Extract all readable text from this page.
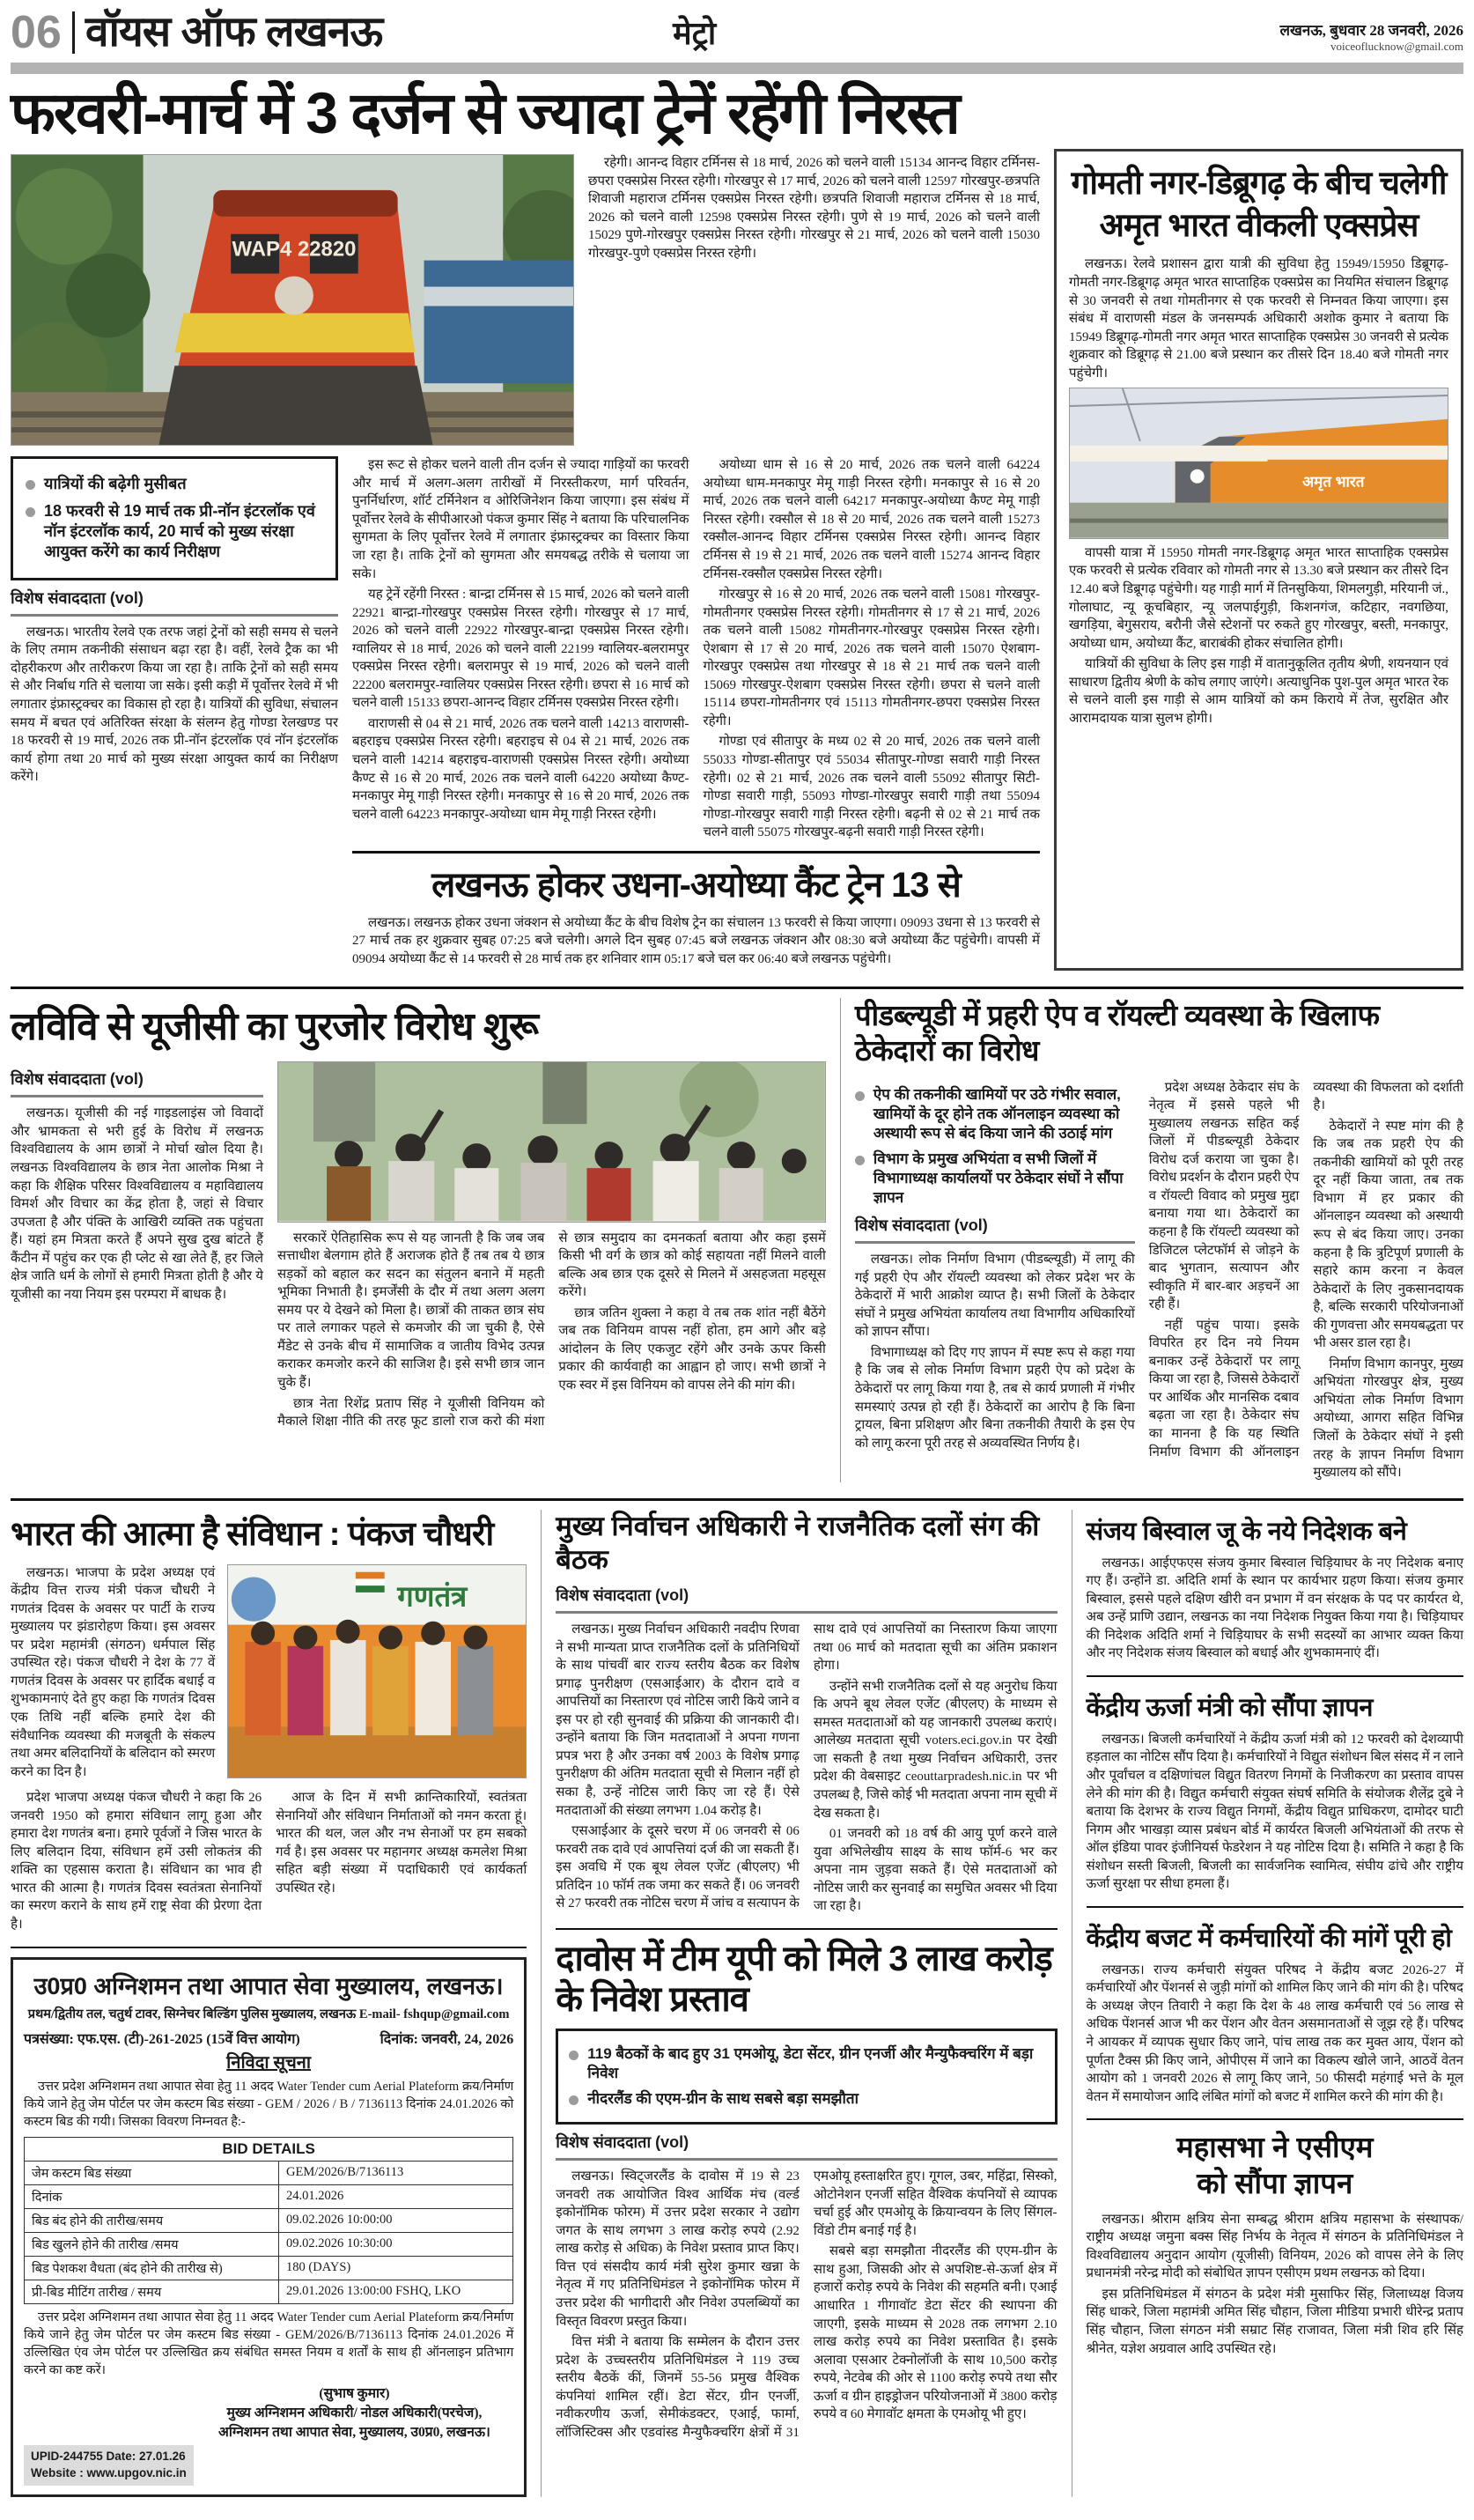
06 वॉयस ऑफ लखनऊ	मेट्रो	लखनऊ, बुधवार 28 जनवरी, 2026
voiceoflucknow@gmail.com
फरवरी-मार्च में 3 दर्जन से ज्यादा ट्रेनें रहेंगी निरस्त
WAP4 22820

रहेगी। आनन्द विहार टर्मिनस से 18 मार्च, 2026 को चलने वाली 15134 आनन्द विहार टर्मिनस-छपरा एक्सप्रेस निरस्त रहेगी। गोरखपुर से 17 मार्च, 2026 को चलने वाली 12597 गोरखपुर-छत्रपति शिवाजी महाराज टर्मिनस एक्सप्रेस निरस्त रहेगी। छत्रपति शिवाजी महाराज टर्मिनस से 18 मार्च, 2026 को चलने वाली 12598 एक्सप्रेस निरस्त रहेगी। पुणे से 19 मार्च, 2026 को चलने वाली 15029 पुणे-गोरखपुर एक्सप्रेस निरस्त रहेगी। गोरखपुर से 21 मार्च, 2026 को चलने वाली 15030 गोरखपुर-पुणे एक्सप्रेस निरस्त रहेगी।

यात्रियों की बढ़ेगी मुसीबत
18 फरवरी से 19 मार्च तक प्री-नॉन इंटरलॉक एवं नॉन इंटरलॉक कार्य, 20 मार्च को मुख्य संरक्षा आयुक्त करेंगे का कार्य निरीक्षण
विशेष संवाददाता (vol)

लखनऊ। भारतीय रेलवे एक तरफ जहां ट्रेनों को सही समय से चलने के लिए तमाम तकनीकी संसाधन बढ़ा रहा है। वहीं, रेलवे ट्रैक का भी दोहरीकरण और तारीकरण किया जा रहा है। ताकि ट्रेनों को सही समय से और निर्बाध गति से चलाया जा सके। इसी कड़ी में पूर्वोत्तर रेलवे में भी लगातार इंफ्रास्ट्रक्चर का विकास हो रहा है। यात्रियों की सुविधा, संचालन समय में बचत एवं अतिरिक्त संरक्षा के संलग्न हेतु गोण्डा रेलखण्ड पर 18 फरवरी से 19 मार्च, 2026 तक प्री-नॉन इंटरलॉक एवं नॉन इंटरलॉक कार्य होगा तथा 20 मार्च को मुख्य संरक्षा आयुक्त कार्य का निरीक्षण करेंगे।

इस रूट से होकर चलने वाली तीन दर्जन से ज्यादा गाड़ियों का फरवरी और मार्च में अलग-अलग तारीखों में निरस्तीकरण, मार्ग परिवर्तन, पुनर्निर्धारण, शॉर्ट टर्मिनेशन व ओरिजिनेशन किया जाएगा। इस संबंध में पूर्वोत्तर रेलवे के सीपीआरओ पंकज कुमार सिंह ने बताया कि परिचालनिक सुगमता के लिए पूर्वोत्तर रेलवे में लगातार इंफ्रास्ट्रक्चर का विस्तार किया जा रहा है। ताकि ट्रेनों को सुगमता और समयबद्ध तरीके से चलाया जा सके।

यह ट्रेनें रहेंगी निरस्त : बान्द्रा टर्मिनस से 15 मार्च, 2026 को चलने वाली 22921 बान्द्रा-गोरखपुर एक्सप्रेस निरस्त रहेगी। गोरखपुर से 17 मार्च, 2026 को चलने वाली 22922 गोरखपुर-बान्द्रा एक्सप्रेस निरस्त रहेगी। ग्वालियर से 18 मार्च, 2026 को चलने वाली 22199 ग्वालियर-बलरामपुर एक्सप्रेस निरस्त रहेगी। बलरामपुर से 19 मार्च, 2026 को चलने वाली 22200 बलरामपुर-ग्वालियर एक्सप्रेस निरस्त रहेगी। छपरा से 16 मार्च को चलने वाली 15133 छपरा-आनन्द विहार टर्मिनस एक्सप्रेस निरस्त रहेगी।

वाराणसी से 04 से 21 मार्च, 2026 तक चलने वाली 14213 वाराणसी-बहराइच एक्सप्रेस निरस्त रहेगी। बहराइच से 04 से 21 मार्च, 2026 तक चलने वाली 14214 बहराइच-वाराणसी एक्सप्रेस निरस्त रहेगी। अयोध्या कैण्ट से 16 से 20 मार्च, 2026 तक चलने वाली 64220 अयोध्या कैण्ट-मनकापुर मेमू गाड़ी निरस्त रहेगी। मनकापुर से 16 से 20 मार्च, 2026 तक चलने वाली 64223 मनकापुर-अयोध्या धाम मेमू गाड़ी निरस्त रहेगी।

अयोध्या धाम से 16 से 20 मार्च, 2026 तक चलने वाली 64224 अयोध्या धाम-मनकापुर मेमू गाड़ी निरस्त रहेगी। मनकापुर से 16 से 20 मार्च, 2026 तक चलने वाली 64217 मनकापुर-अयोध्या कैण्ट मेमू गाड़ी निरस्त रहेगी। रक्सौल से 18 से 20 मार्च, 2026 तक चलने वाली 15273 रक्सौल-आनन्द विहार टर्मिनस एक्सप्रेस निरस्त रहेगी। आनन्द विहार टर्मिनस से 19 से 21 मार्च, 2026 तक चलने वाली 15274 आनन्द विहार टर्मिनस-रक्सौल एक्सप्रेस निरस्त रहेगी।

गोरखपुर से 16 से 20 मार्च, 2026 तक चलने वाली 15081 गोरखपुर-गोमतीनगर एक्सप्रेस निरस्त रहेगी। गोमतीनगर से 17 से 21 मार्च, 2026 तक चलने वाली 15082 गोमतीनगर-गोरखपुर एक्सप्रेस निरस्त रहेगी। ऐशबाग से 17 से 20 मार्च, 2026 तक चलने वाली 15070 ऐशबाग-गोरखपुर एक्सप्रेस तथा गोरखपुर से 18 से 21 मार्च तक चलने वाली 15069 गोरखपुर-ऐशबाग एक्सप्रेस निरस्त रहेगी। छपरा से चलने वाली 15114 छपरा-गोमतीनगर एवं 15113 गोमतीनगर-छपरा एक्सप्रेस निरस्त रहेगी।

गोण्डा एवं सीतापुर के मध्य 02 से 20 मार्च, 2026 तक चलने वाली 55033 गोण्डा-सीतापुर एवं 55034 सीतापुर-गोण्डा सवारी गाड़ी निरस्त रहेगी। 02 से 21 मार्च, 2026 तक चलने वाली 55092 सीतापुर सिटी-गोण्डा सवारी गाड़ी, 55093 गोण्डा-गोरखपुर सवारी गाड़ी तथा 55094 गोण्डा-गोरखपुर सवारी गाड़ी निरस्त रहेगी। बढ़नी से 02 से 21 मार्च तक चलने वाली 55075 गोरखपुर-बढ़नी सवारी गाड़ी निरस्त रहेगी।

लखनऊ होकर उधना-अयोध्या कैंट ट्रेन 13 से

लखनऊ। लखनऊ होकर उधना जंक्शन से अयोध्या कैंट के बीच विशेष ट्रेन का संचालन 13 फरवरी से किया जाएगा। 09093 उधना से 13 फरवरी से 27 मार्च तक हर शुक्रवार सुबह 07:25 बजे चलेगी। अगले दिन सुबह 07:45 बजे लखनऊ जंक्शन और 08:30 बजे अयोध्या कैंट पहुंचेगी। वापसी में 09094 अयोध्या कैंट से 14 फरवरी से 28 मार्च तक हर शनिवार शाम 05:17 बजे चल कर 06:40 बजे लखनऊ पहुंचेगी।

गोमती नगर-डिब्रूगढ़ के बीच चलेगी
अमृत भारत वीकली एक्सप्रेस

लखनऊ। रेलवे प्रशासन द्वारा यात्री की सुविधा हेतु 15949/15950 डिब्रूगढ़-गोमती नगर-डिब्रूगढ़ अमृत भारत साप्ताहिक एक्सप्रेस का नियमित संचालन डिब्रूगढ़ से 30 जनवरी से तथा गोमतीनगर से एक फरवरी से निम्नवत किया जाएगा। इस संबंध में वाराणसी मंडल के जनसम्पर्क अधिकारी अशोक कुमार ने बताया कि 15949 डिब्रूगढ़-गोमती नगर अमृत भारत साप्ताहिक एक्सप्रेस 30 जनवरी से प्रत्येक शुक्रवार को डिब्रूगढ़ से 21.00 बजे प्रस्थान कर तीसरे दिन 18.40 बजे गोमती नगर पहुंचेगी।

अमृत भारत

वापसी यात्रा में 15950 गोमती नगर-डिब्रूगढ़ अमृत भारत साप्ताहिक एक्सप्रेस एक फरवरी से प्रत्येक रविवार को गोमती नगर से 13.30 बजे प्रस्थान कर तीसरे दिन 12.40 बजे डिब्रूगढ़ पहुंचेगी। यह गाड़ी मार्ग में तिनसुकिया, शिमलगुड़ी, मरियानी जं., गोलाघाट, न्यू कूचबिहार, न्यू जलपाईगुड़ी, किशनगंज, कटिहार, नवगछिया, खगड़िया, बेगुसराय, बरौनी जैसे स्टेशनों पर रुकते हुए गोरखपुर, बस्ती, मनकापुर, अयोध्या धाम, अयोध्या कैंट, बाराबंकी होकर संचालित होगी।

यात्रियों की सुविधा के लिए इस गाड़ी में वातानुकूलित तृतीय श्रेणी, शयनयान एवं साधारण द्वितीय श्रेणी के कोच लगाए जाएंगे। अत्याधुनिक पुश-पुल अमृत भारत रेक से चलने वाली इस गाड़ी से आम यात्रियों को कम किराये में तेज, सुरक्षित और आरामदायक यात्रा सुलभ होगी।

लविवि से यूजीसी का पुरजोर विरोध शुरू
विशेष संवाददाता (vol)

लखनऊ। यूजीसी की नई गाइडलाइंस जो विवादों और भ्रामकता से भरी हुई के विरोध में लखनऊ विश्वविद्यालय के आम छात्रों ने मोर्चा खोल दिया है। लखनऊ विश्वविद्यालय के छात्र नेता आलोक मिश्रा ने कहा कि शैक्षिक परिसर विश्वविद्यालय व महाविद्यालय विमर्श और विचार का केंद्र होता है, जहां से विचार उपजता है और पंक्ति के आखिरी व्यक्ति तक पहुंचता हैं। यहां हम मित्रता करते हैं अपने सुख दुख बांटते हैं कैंटीन में पहुंच कर एक ही प्लेट से खा लेते हैं, हर जिले क्षेत्र जाति धर्म के लोगों से हमारी मित्रता होती है और ये यूजीसी का नया नियम इस परम्परा में बाधक है।

सरकारें ऐतिहासिक रूप से यह जानती है कि जब जब सत्ताधीश बेलगाम होते हैं अराजक होते हैं तब तब ये छात्र सड़कों को बहाल कर सदन का संतुलन बनाने में महती भूमिका निभाती है। इमर्जेंसी के दौर में तथा अलग अलग समय पर ये देखने को मिला है। छात्रों की ताकत छात्र संघ पर ताले लगाकर पहले से कमजोर की जा चुकी है, ऐसे मैंडेट से उनके बीच में सामाजिक व जातीय विभेद उत्पन्न कराकर कमजोर करने की साजिश है। इसे सभी छात्र जान चुके हैं।

छात्र नेता रिशेंद्र प्रताप सिंह ने यूजीसी विनियम को मैकाले शिक्षा नीति की तरह फूट डालो राज करो की मंशा से छात्र समुदाय का दमनकर्ता बताया और कहा इसमें किसी भी वर्ग के छात्र को कोई सहायता नहीं मिलने वाली बल्कि अब छात्र एक दूसरे से मिलने में असहजता महसूस करेंगे।

छात्र जतिन शुक्ला ने कहा वे तब तक शांत नहीं बैठेंगे जब तक विनियम वापस नहीं होता, हम आगे और बड़े आंदोलन के लिए एकजुट रहेंगे और उनके ऊपर किसी प्रकार की कार्यवाही का आह्वान हो जाए। सभी छात्रों ने एक स्वर में इस विनियम को वापस लेने की मांग की।

पीडब्ल्यूडी में प्रहरी ऐप व रॉयल्टी व्यवस्था के खिलाफ ठेकेदारों का विरोध
ऐप की तकनीकी खामियों पर उठे गंभीर सवाल, खामियों के दूर होने तक ऑनलाइन व्यवस्था को अस्थायी रूप से बंद किया जाने की उठाई मांग
विभाग के प्रमुख अभियंता व सभी जिलों में विभागाध्यक्ष कार्यालयों पर ठेकेदार संघों ने सौंपा ज्ञापन
विशेष संवाददाता (vol)

लखनऊ। लोक निर्माण विभाग (पीडब्ल्यूडी) में लागू की गई प्रहरी ऐप और रॉयल्टी व्यवस्था को लेकर प्रदेश भर के ठेकेदारों में भारी आक्रोश व्याप्त है। सभी जिलों के ठेकेदार संघों ने प्रमुख अभियंता कार्यालय तथा विभागीय अधिकारियों को ज्ञापन सौंपा।

विभागाध्यक्ष को दिए गए ज्ञापन में स्पष्ट रूप से कहा गया है कि जब से लोक निर्माण विभाग प्रहरी ऐप को प्रदेश के ठेकेदारों पर लागू किया गया है, तब से कार्य प्रणाली में गंभीर समस्याएं उत्पन्न हो रही हैं। ठेकेदारों का आरोप है कि बिना ट्रायल, बिना प्रशिक्षण और बिना तकनीकी तैयारी के इस ऐप को लागू करना पूरी तरह से अव्यवस्थित निर्णय है।

प्रदेश अध्यक्ष ठेकेदार संघ के नेतृत्व में इससे पहले भी मुख्यालय लखनऊ सहित कई जिलों में पीडब्ल्यूडी ठेकेदार विरोध दर्ज कराया जा चुका है। विरोध प्रदर्शन के दौरान प्रहरी ऐप व रॉयल्टी विवाद को प्रमुख मुद्दा बनाया गया था। ठेकेदारों का कहना है कि रॉयल्टी व्यवस्था को डिजिटल प्लेटफॉर्म से जोड़ने के बाद भुगतान, सत्यापन और स्वीकृति में बार-बार अड़चनें आ रही हैं।

नहीं पहुंच पाया। इसके विपरित हर दिन नये नियम बनाकर उन्हें ठेकेदारों पर लागू किया जा रहा है, जिससे ठेकेदारों पर आर्थिक और मानसिक दबाव बढ़ता जा रहा है। ठेकेदार संघ का मानना है कि यह स्थिति निर्माण विभाग की ऑनलाइन व्यवस्था की विफलता को दर्शाती है।

ठेकेदारों ने स्पष्ट मांग की है कि जब तक प्रहरी ऐप की तकनीकी खामियों को पूरी तरह दूर नहीं किया जाता, तब तक विभाग में हर प्रकार की ऑनलाइन व्यवस्था को अस्थायी रूप से बंद किया जाए। उनका कहना है कि त्रुटिपूर्ण प्रणाली के सहारे काम करना न केवल ठेकेदारों के लिए नुकसानदायक है, बल्कि सरकारी परियोजनाओं की गुणवत्ता और समयबद्धता पर भी असर डाल रहा है।

निर्माण विभाग कानपुर, मुख्य अभियंता गोरखपुर क्षेत्र, मुख्य अभियंता लोक निर्माण विभाग अयोध्या, आगरा सहित विभिन्न जिलों के ठेकेदार संघों ने इसी तरह के ज्ञापन निर्माण विभाग मुख्यालय को सौंपे।

भारत की आत्मा है संविधान : पंकज चौधरी

लखनऊ। भाजपा के प्रदेश अध्यक्ष एवं केंद्रीय वित्त राज्य मंत्री पंकज चौधरी ने गणतंत्र दिवस के अवसर पर पार्टी के राज्य मुख्यालय पर झंडारोहण किया। इस अवसर पर प्रदेश महामंत्री (संगठन) धर्मपाल सिंह उपस्थित रहे। पंकज चौधरी ने देश के 77 वें गणतंत्र दिवस के अवसर पर हार्दिक बधाई व शुभकामनाएं देते हुए कहा कि गणतंत्र दिवस एक तिथि नहीं बल्कि हमारे देश की संवैधानिक व्यवस्था की मजबूती के संकल्प तथा अमर बलिदानियों के बलिदान को स्मरण करने का दिन है।

गणतंत्र

प्रदेश भाजपा अध्यक्ष पंकज चौधरी ने कहा कि 26 जनवरी 1950 को हमारा संविधान लागू हुआ और हमारा देश गणतंत्र बना। हमारे पूर्वजों ने जिस भारत के लिए बलिदान दिया, संविधान हमें उसी लोकतंत्र की शक्ति का एहसास कराता है। संविधान का भाव ही भारत की आत्मा है। गणतंत्र दिवस स्वतंत्रता सेनानियों का स्मरण कराने के साथ हमें राष्ट्र सेवा की प्रेरणा देता है।

आज के दिन में सभी क्रान्तिकारियों, स्वतंत्रता सेनानियों और संविधान निर्माताओं को नमन करता हूं। भारत की थल, जल और नभ सेनाओं पर हम सबको गर्व है। इस अवसर पर महानगर अध्यक्ष कमलेश मिश्रा सहित बड़ी संख्या में पदाधिकारी एवं कार्यकर्ता उपस्थित रहे।

उ0प्र0 अग्निशमन तथा आपात सेवा मुख्यालय, लखनऊ।

प्रथम/द्वितीय तल, चतुर्थ टावर, सिग्नेचर बिल्डिंग पुलिस मुख्यालय, लखनऊ E-mail- fshqup@gmail.com

पत्रसंख्या: एफ.एस. (टी)-261-2025 (15वें वित्त आयोग)	दिनांक: जनवरी, 24, 2026
निविदा सूचना

उत्तर प्रदेश अग्निशमन तथा आपात सेवा हेतु 11 अदद Water Tender cum Aerial Plateform क्रय/निर्माण किये जाने हेतु जेम पोर्टल पर जेम कस्टम बिड संख्या - GEM / 2026 / B / 7136113 दिनांक 24.01.2026 को कस्टम बिड की गयी। जिसका विवरण निम्नवत है:-

BID DETAILS	
जेम कस्टम बिड संख्या	GEM/2026/B/7136113
दिनांक	24.01.2026
बिड बंद होने की तारीख/समय	09.02.2026 10:00:00
बिड खुलने होने की तारीख /समय	09.02.2026 10:30:00
बिड पेशकश वैधता (बंद होने की तारीख से)	180 (DAYS)
प्री-बिड मीटिंग तारीख / समय	29.01.2026 13:00:00 FSHQ, LKO

उत्तर प्रदेश अग्निशमन तथा आपात सेवा हेतु 11 अदद Water Tender cum Aerial Plateform क्रय/निर्माण किये जाने हेतु जेम पोर्टल पर जेम कस्टम बिड संख्या - GEM/2026/B/7136113 दिनांक 24.01.2026 में उल्लिखित एंव जेम पोर्टल पर उल्लिखित क्रय संबंधित समस्त नियम व शर्तों के साथ ही ऑनलाइन प्रतिभाग करने का कष्ट करें।

(सुभाष कुमार)
मुख्य अग्निशमन अधिकारी/ नोडल अधिकारी(परचेज),
अग्निशमन तथा आपात सेवा, मुख्यालय, उ0प्र0, लखनऊ।
UPID-244755 Date: 27.01.26
Website : www.upgov.nic.in
मुख्य निर्वाचन अधिकारी ने राजनैतिक दलों संग की बैठक
विशेष संवाददाता (vol)

लखनऊ। मुख्य निर्वाचन अधिकारी नवदीप रिणवा ने सभी मान्यता प्राप्त राजनैतिक दलों के प्रतिनिधियों के साथ पांचवीं बार राज्य स्तरीय बैठक कर विशेष प्रगाढ़ पुनरीक्षण (एसआईआर) के दौरान दावे व आपत्तियों का निस्तारण एवं नोटिस जारी किये जाने व इस पर हो रही सुनवाई की प्रक्रिया की जानकारी दी। उन्होंने बताया कि जिन मतदाताओं ने अपना गणना प्रपत्र भरा है और उनका वर्ष 2003 के विशेष प्रगाढ़ पुनरीक्षण की अंतिम मतदाता सूची से मिलान नहीं हो सका है, उन्हें नोटिस जारी किए जा रहे हैं। ऐसे मतदाताओं की संख्या लगभग 1.04 करोड़ है।

एसआईआर के दूसरे चरण में 06 जनवरी से 06 फरवरी तक दावे एवं आपत्तियां दर्ज की जा सकती हैं। इस अवधि में एक बूथ लेवल एजेंट (बीएलए) भी प्रतिदिन 10 फॉर्म तक जमा कर सकते हैं। 06 जनवरी से 27 फरवरी तक नोटिस चरण में जांच व सत्यापन के साथ दावे एवं आपत्तियों का निस्तारण किया जाएगा तथा 06 मार्च को मतदाता सूची का अंतिम प्रकाशन होगा।

उन्होंने सभी राजनैतिक दलों से यह अनुरोध किया कि अपने बूथ लेवल एजेंट (बीएलए) के माध्यम से समस्त मतदाताओं को यह जानकारी उपलब्ध कराएं। आलेख्य मतदाता सूची voters.eci.gov.in पर देखी जा सकती है तथा मुख्य निर्वाचन अधिकारी, उत्तर प्रदेश की वेबसाइट ceouttarpradesh.nic.in पर भी उपलब्ध है, जिसे कोई भी मतदाता अपना नाम सूची में देख सकता है।

01 जनवरी को 18 वर्ष की आयु पूर्ण करने वाले युवा अभिलेखीय साक्ष्य के साथ फॉर्म-6 भर कर अपना नाम जुड़वा सकते हैं। ऐसे मतदाताओं को नोटिस जारी कर सुनवाई का समुचित अवसर भी दिया जा रहा है।

दावोस में टीम यूपी को मिले 3 लाख करोड़ के निवेश प्रस्ताव
119 बैठकों के बाद हुए 31 एमओयू, डेटा सेंटर, ग्रीन एनर्जी और मैन्युफैक्चरिंग में बड़ा निवेश
नीदरलैंड की एएम-ग्रीन के साथ सबसे बड़ा समझौता
विशेष संवाददाता (vol)

लखनऊ। स्विट्जरलैंड के दावोस में 19 से 23 जनवरी तक आयोजित विश्व आर्थिक मंच (वर्ल्ड इकोनॉमिक फोरम) में उत्तर प्रदेश सरकार ने उद्योग जगत के साथ लगभग 3 लाख करोड़ रुपये (2.92 लाख करोड़ से अधिक) के निवेश प्रस्ताव प्राप्त किए। वित्त एवं संसदीय कार्य मंत्री सुरेश कुमार खन्ना के नेतृत्व में गए प्रतिनिधिमंडल ने इकोनॉमिक फोरम में उत्तर प्रदेश की भागीदारी और निवेश उपलब्धियों का विस्तृत विवरण प्रस्तुत किया।

वित्त मंत्री ने बताया कि सम्मेलन के दौरान उत्तर प्रदेश के उच्चस्तरीय प्रतिनिधिमंडल ने 119 उच्च स्तरीय बैठकें कीं, जिनमें 55-56 प्रमुख वैश्विक कंपनियां शामिल रहीं। डेटा सेंटर, ग्रीन एनर्जी, नवीकरणीय ऊर्जा, सेमीकंडक्टर, एआई, फार्मा, लॉजिस्टिक्स और एडवांस्ड मैन्युफैक्चरिंग क्षेत्रों में 31 एमओयू हस्ताक्षरित हुए। गूगल, उबर, महिंद्रा, सिस्को, ओटोनेशन एनर्जी सहित वैश्विक कंपनियों से व्यापक चर्चा हुई और एमओयू के क्रियान्वयन के लिए सिंगल-विंडो टीम बनाई गई है।

सबसे बड़ा समझौता नीदरलैंड की एएम-ग्रीन के साथ हुआ, जिसकी ओर से अपशिष्ट-से-ऊर्जा क्षेत्र में हजारों करोड़ रुपये के निवेश की सहमति बनी। एआई आधारित 1 गीगावॉट डेटा सेंटर की स्थापना की जाएगी, इसके माध्यम से 2028 तक लगभग 2.10 लाख करोड़ रुपये का निवेश प्रस्तावित है। इसके अलावा एसआर टेक्नोलॉजी के साथ 10,500 करोड़ रुपये, नेटवेब की ओर से 1100 करोड़ रुपये तथा सौर ऊर्जा व ग्रीन हाइड्रोजन परियोजनाओं में 3800 करोड़ रुपये व 60 मेगावॉट क्षमता के एमओयू भी हुए।

संजय बिस्वाल जू के नये निदेशक बने

लखनऊ। आईएफएस संजय कुमार बिस्वाल चिड़ियाघर के नए निदेशक बनाए गए हैं। उन्होंने डा. अदिति शर्मा के स्थान पर कार्यभार ग्रहण किया। संजय कुमार बिस्वाल, इससे पहले दक्षिण खीरी वन प्रभाग में वन संरक्षक के पद पर कार्यरत थे, अब उन्हें प्राणि उद्यान, लखनऊ का नया निदेशक नियुक्त किया गया है। चिड़ियाघर की निदेशक अदिति शर्मा ने चिड़ियाघर के सभी सदस्यों का आभार व्यक्त किया और नए निदेशक संजय बिस्वाल को बधाई और शुभकामनाएं दीं।

केंद्रीय ऊर्जा मंत्री को सौंपा ज्ञापन

लखनऊ। बिजली कर्मचारियों ने केंद्रीय ऊर्जा मंत्री को 12 फरवरी को देशव्यापी हड़ताल का नोटिस सौंप दिया है। कर्मचारियों ने विद्युत संशोधन बिल संसद में न लाने और पूर्वांचल व दक्षिणांचल विद्युत वितरण निगमों के निजीकरण का प्रस्ताव वापस लेने की मांग की है। विद्युत कर्मचारी संयुक्त संघर्ष समिति के संयोजक शैलेंद्र दुबे ने बताया कि देशभर के राज्य विद्युत निगमों, केंद्रीय विद्युत प्राधिकरण, दामोदर घाटी निगम और भाखड़ा व्यास प्रबंधन बोर्ड में कार्यरत बिजली अभियंताओं की तरफ से ऑल इंडिया पावर इंजीनियर्स फेडरेशन ने यह नोटिस दिया है। समिति ने कहा है कि संशोधन सस्ती बिजली, बिजली का सार्वजनिक स्वामित्व, संघीय ढांचे और राष्ट्रीय ऊर्जा सुरक्षा पर सीधा हमला हैं।

केंद्रीय बजट में कर्मचारियों की मांगें पूरी हो

लखनऊ। राज्य कर्मचारी संयुक्त परिषद ने केंद्रीय बजट 2026-27 में कर्मचारियों और पेंशनर्स से जुड़ी मांगों को शामिल किए जाने की मांग की है। परिषद के अध्यक्ष जेएन तिवारी ने कहा कि देश के 48 लाख कर्मचारी एवं 56 लाख से अधिक पेंशनर्स आज भी कर पेंशन और वेतन असमानताओं से जूझ रहे हैं। परिषद ने आयकर में व्यापक सुधार किए जाने, पांच लाख तक कर मुक्त आय, पेंशन को पूर्णता टैक्स फ्री किए जाने, ओपीएस में जाने का विकल्प खोले जाने, आठवें वेतन आयोग को 1 जनवरी 2026 से लागू किए जाने, 50 फीसदी महंगाई भत्ते के मूल वेतन में समायोजन आदि लंबित मांगों को बजट में शामिल करने की मांग की है।

महासभा ने एसीएम
को सौंपा ज्ञापन

लखनऊ। श्रीराम क्षत्रिय सेना सम्बद्ध श्रीराम क्षत्रिय महासभा के संस्थापक/राष्ट्रीय अध्यक्ष जमुना बक्स सिंह निर्भय के नेतृत्व में संगठन के प्रतिनिधिमंडल ने विश्वविद्यालय अनुदान आयोग (यूजीसी) विनियम, 2026 को वापस लेने के लिए प्रधानमंत्री नरेन्द्र मोदी को संबोधित ज्ञापन एसीएम प्रथम लखनऊ को दिया।

इस प्रतिनिधिमंडल में संगठन के प्रदेश मंत्री मुसाफिर सिंह, जिलाध्यक्ष विजय सिंह धाकरे, जिला महामंत्री अमित सिंह चौहान, जिला मीडिया प्रभारी धीरेन्द्र प्रताप सिंह चौहान, जिला संगठन मंत्री सम्राट सिंह राजावत, जिला मंत्री शिव हरि सिंह श्रीनेत, यज्ञेश अग्रवाल आदि उपस्थित रहे।
